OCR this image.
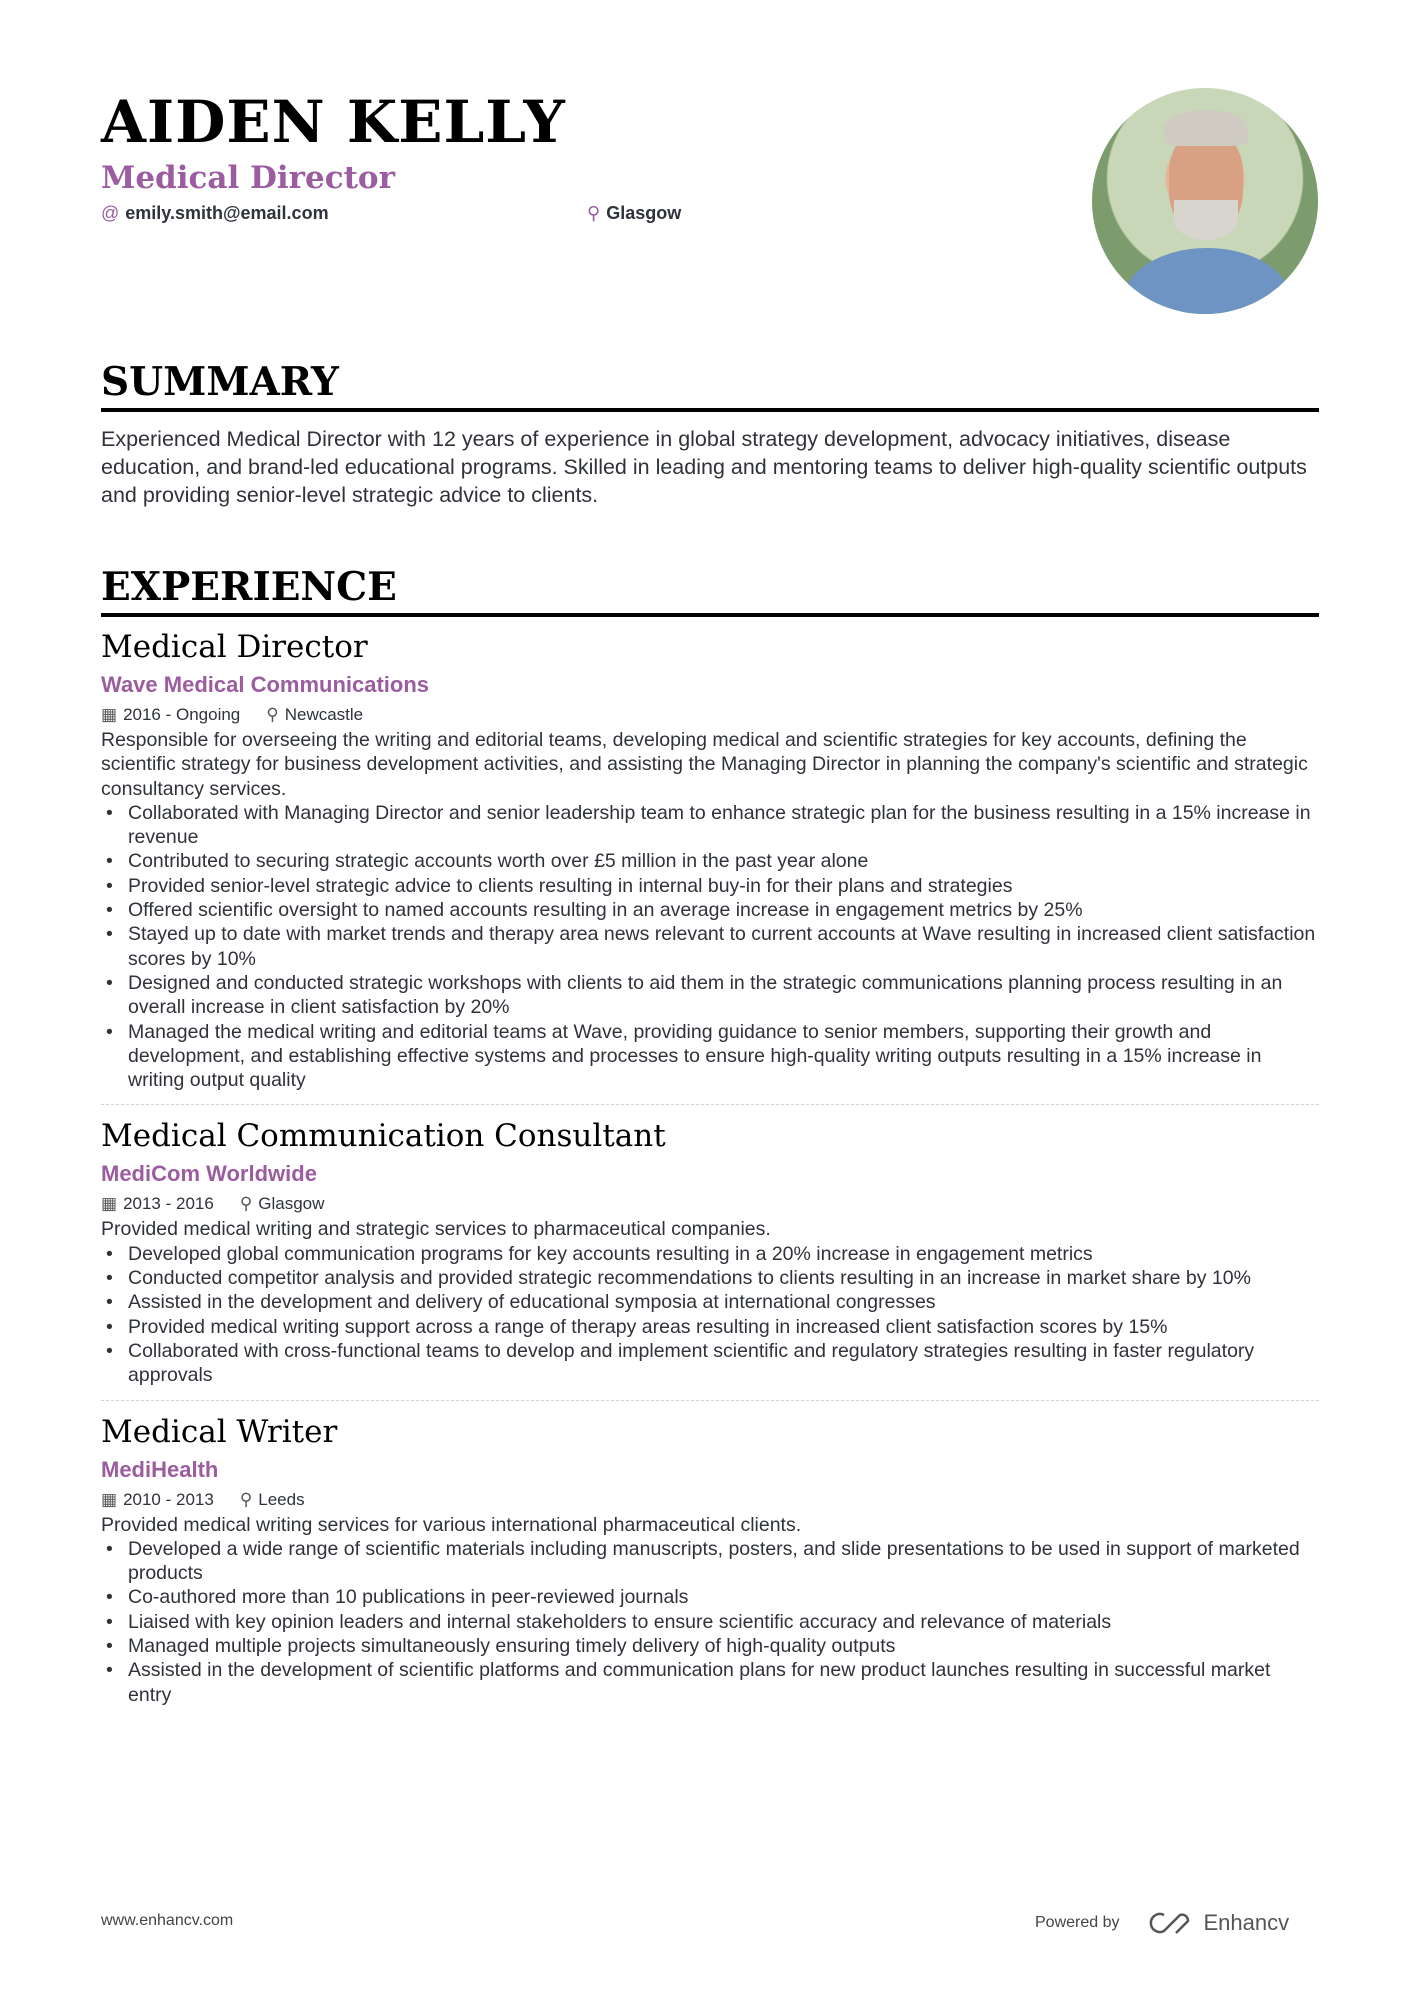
AIDEN KELLY
Medical Director
@ emily.smith@email.com	⚲ Glasgow
SUMMARY
Experienced Medical Director with 12 years of experience in global strategy development, advocacy initiatives, disease education, and brand-led educational programs. Skilled in leading and mentoring teams to deliver high-quality scientific outputs and providing senior-level strategic advice to clients.
EXPERIENCE
Medical Director
Wave Medical Communications
▦ 2016 - Ongoing ⚲ Newcastle
Responsible for overseeing the writing and editorial teams, developing medical and scientific strategies for key accounts, defining the scientific strategy for business development activities, and assisting the Managing Director in planning the company's scientific and strategic consultancy services.
• Collaborated with Managing Director and senior leadership team to enhance strategic plan for the business resulting in a 15% increase in revenue
• Contributed to securing strategic accounts worth over £5 million in the past year alone
• Provided senior-level strategic advice to clients resulting in internal buy-in for their plans and strategies
• Offered scientific oversight to named accounts resulting in an average increase in engagement metrics by 25%
• Stayed up to date with market trends and therapy area news relevant to current accounts at Wave resulting in increased client satisfaction scores by 10%
• Designed and conducted strategic workshops with clients to aid them in the strategic communications planning process resulting in an overall increase in client satisfaction by 20%
• Managed the medical writing and editorial teams at Wave, providing guidance to senior members, supporting their growth and development, and establishing effective systems and processes to ensure high-quality writing outputs resulting in a 15% increase in writing output quality
Medical Communication Consultant
MediCom Worldwide
▦ 2013 - 2016 ⚲ Glasgow
Provided medical writing and strategic services to pharmaceutical companies.
• Developed global communication programs for key accounts resulting in a 20% increase in engagement metrics
• Conducted competitor analysis and provided strategic recommendations to clients resulting in an increase in market share by 10%
• Assisted in the development and delivery of educational symposia at international congresses
• Provided medical writing support across a range of therapy areas resulting in increased client satisfaction scores by 15%
• Collaborated with cross-functional teams to develop and implement scientific and regulatory strategies resulting in faster regulatory approvals
Medical Writer
MediHealth
▦ 2010 - 2013 ⚲ Leeds
Provided medical writing services for various international pharmaceutical clients.
• Developed a wide range of scientific materials including manuscripts, posters, and slide presentations to be used in support of marketed products
• Co-authored more than 10 publications in peer-reviewed journals
• Liaised with key opinion leaders and internal stakeholders to ensure scientific accuracy and relevance of materials
• Managed multiple projects simultaneously ensuring timely delivery of high-quality outputs
• Assisted in the development of scientific platforms and communication plans for new product launches resulting in successful market entry
www.enhancv.com	Powered by	Enhancv
